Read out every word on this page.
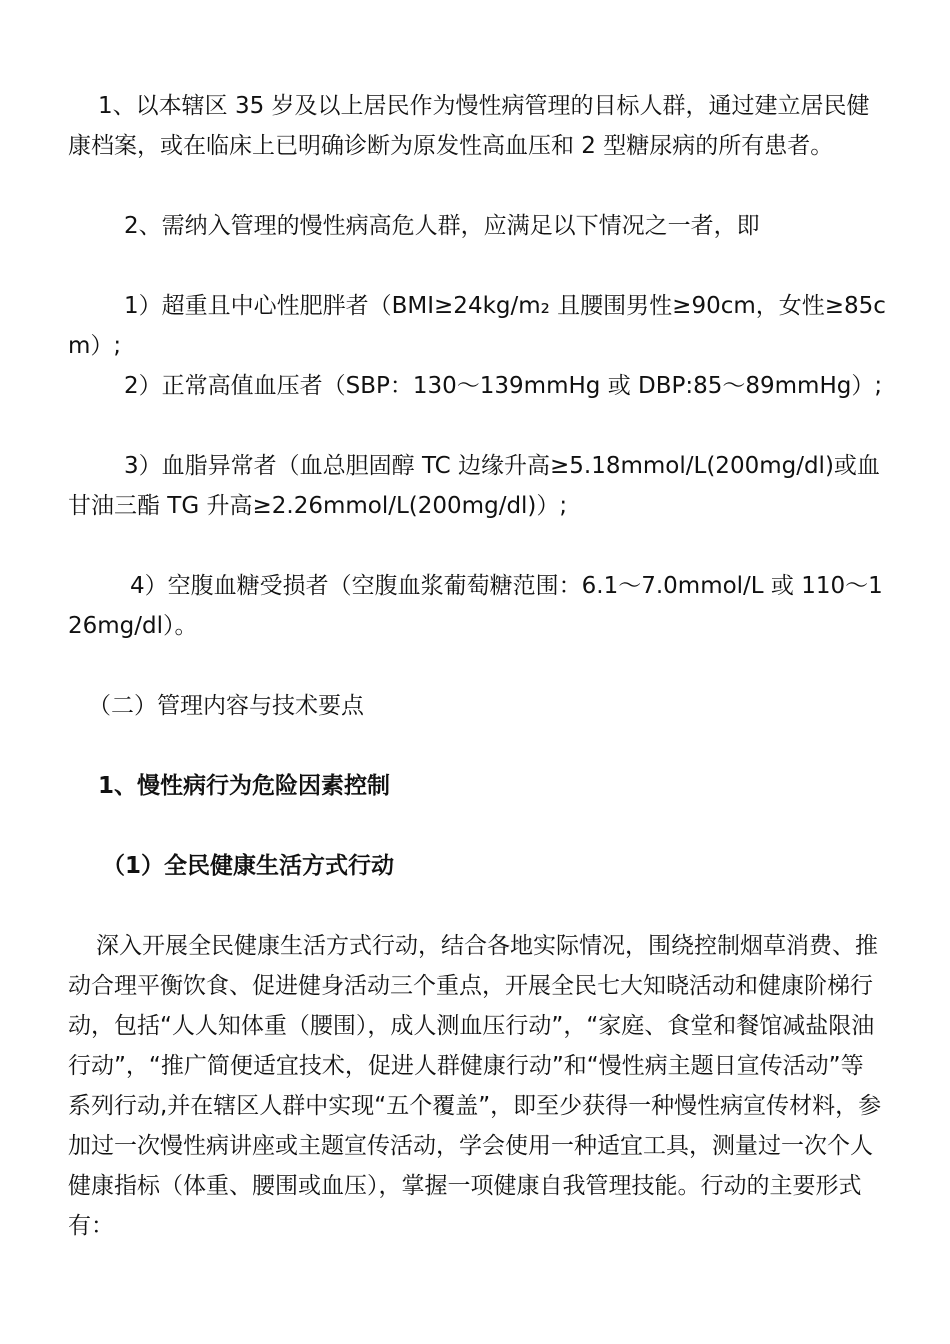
1、以本辖区 35 岁及以上居民作为慢性病管理的目标人群，通过建立居民健康档案，或在临床上已明确诊断为原发性高血压和 2 型糖尿病的所有患者。

2、需纳入管理的慢性病高危人群，应满足以下情况之一者，即

1）超重且中心性肥胖者（BMI≥24kg/m₂ 且腰围男性≥90cm，女性≥85cm）;

2）正常高值血压者（SBP：130～139mmHg 或 DBP:85～89mmHg）;

3）血脂异常者（血总胆固醇 TC 边缘升高≥5.18mmol/L(200mg/dl)或血甘油三酯 TG 升高≥2.26mmol/L(200mg/dl)）;

4）空腹血糖受损者（空腹血浆葡萄糖范围：6.1～7.0mmol/L 或 110～126mg/dl）。

（二）管理内容与技术要点

1、慢性病行为危险因素控制

（1）全民健康生活方式行动

深入开展全民健康生活方式行动，结合各地实际情况，围绕控制烟草消费、推动合理平衡饮食、促进健身活动三个重点，开展全民七大知晓活动和健康阶梯行动，包括“人人知体重（腰围），成人测血压行动”，“家庭、食堂和餐馆减盐限油行动”，“推广简便适宜技术，促进人群健康行动”和“慢性病主题日宣传活动”等系列行动,并在辖区人群中实现“五个覆盖”，即至少获得一种慢性病宣传材料，参加过一次慢性病讲座或主题宣传活动，学会使用一种适宜工具，测量过一次个人健康指标（体重、腰围或血压），掌握一项健康自我管理技能。行动的主要形式有：
